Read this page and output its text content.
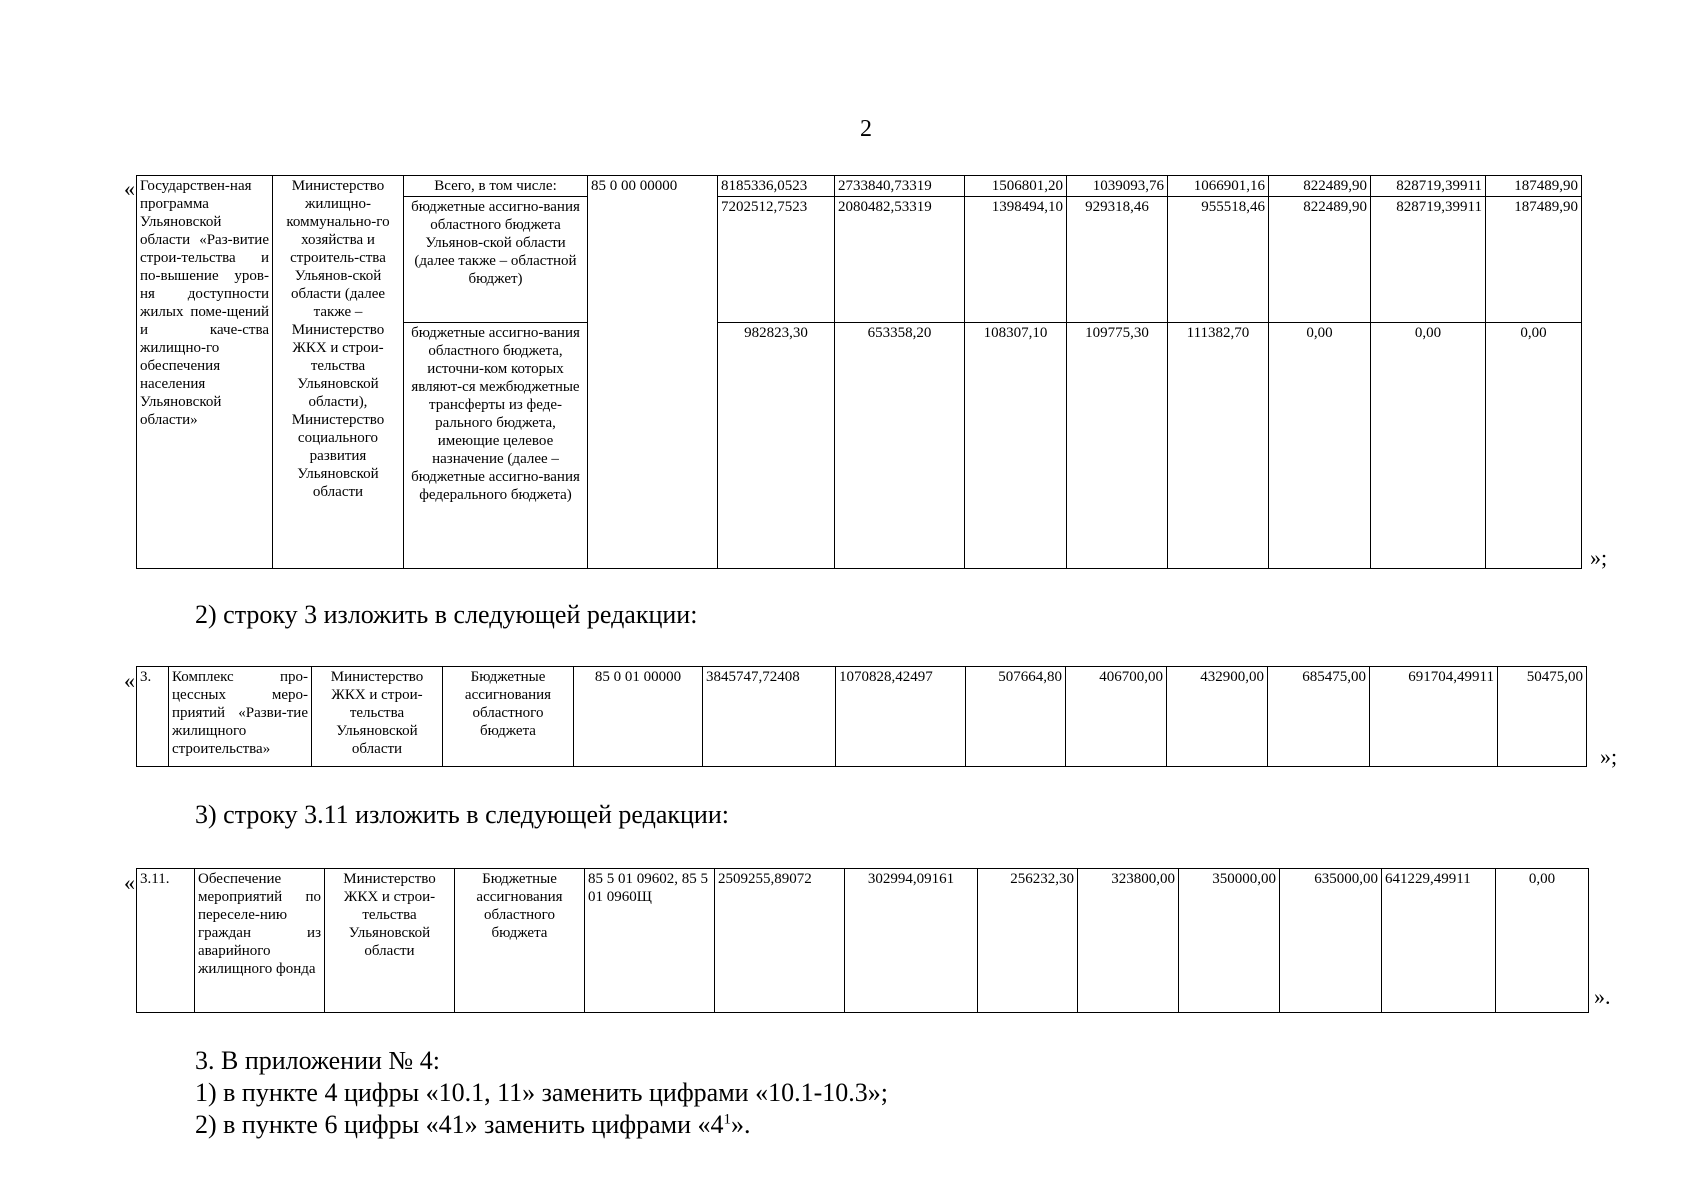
2
« Государствен-ная программа Ульяновской области «Раз-витие строи-тельства и по-вышение уров-ня доступности жилых поме-щений и каче-ства жилищно-го обеспечения населения Ульяновской области»	Министерство жилищно-коммунально-го хозяйства и строитель-ства Ульянов-ской области (далее также – Министерство ЖКХ и строи-тельства Ульяновской области), Министерство социального развития Ульяновской области	Всего, в том числе:	85 0 00 00000	8185336,0523	2733840,73319	1506801,20	1039093,76	1066901,16	822489,90	828719,39911	187489,90
		бюджетные ассигно-вания областного бюджета Ульянов-ской области (далее также – областной бюджет)		7202512,7523	2080482,53319	1398494,10	929318,46	955518,46	822489,90	828719,39911	187489,90
		бюджетные ассигно-вания областного бюджета, источни-ком которых являют-ся межбюджетные трансферты из феде-рального бюджета, имеющие целевое назначение (далее – бюджетные ассигно-вания федерального бюджета)		982823,30	653358,20	108307,10	109775,30	111382,70	0,00	0,00	0,00
»;
2) строку 3 изложить в следующей редакции:
« 3.	Комплекс про-цессных меро-приятий «Разви-тие жилищного строительства»	Министерство ЖКХ и строи-тельства Ульяновской области	Бюджетные ассигнования областного бюджета	85 0 01 00000	3845747,72408	1070828,42497	507664,80	406700,00	432900,00	685475,00	691704,49911	50475,00
»;
3) строку 3.11 изложить в следующей редакции:
« 3.11.	Обеспечение мероприятий по переселе-нию граждан из аварийного жилищного фонда	Министерство ЖКХ и строи-тельства Ульяновской области	Бюджетные ассигнования областного бюджета	85 5 01 09602, 85 5 01 0960Щ	2509255,89072	302994,09161	256232,30	323800,00	350000,00	635000,00	641229,49911	0,00
».
3. В приложении № 4:
1) в пункте 4 цифры «10.1, 11» заменить цифрами «10.1-10.3»;
2) в пункте 6 цифры «41» заменить цифрами «$4^1$».
